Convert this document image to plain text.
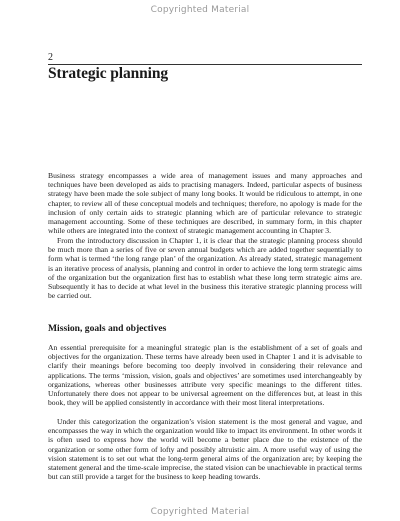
Copyrighted Material
2
Strategic planning

Business strategy encompasses a wide area of management issues and many approaches and techniques have been developed as aids to practising managers. Indeed, particular aspects of business strategy have been made the sole subject of many long books. It would be ridiculous to attempt, in one chapter, to review all of these conceptual models and techniques; therefore, no apology is made for the inclusion of only certain aids to strategic planning which are of particular relevance to strategic management accounting. Some of these techniques are described, in summary form, in this chapter while others are integrated into the context of strategic management accounting in Chapter 3.

From the introductory discussion in Chapter 1, it is clear that the strategic planning process should be much more than a series of five or seven annual budgets which are added together sequentially to form what is termed ‘the long range plan’ of the organization. As already stated, strategic management is an iterative process of analysis, planning and control in order to achieve the long term strategic aims of the organization but the organization first has to establish what these long term strategic aims are. Subsequently it has to decide at what level in the business this iterative strategic planning process will be carried out.

Mission, goals and objectives

An essential prerequisite for a meaningful strategic plan is the establishment of a set of goals and objectives for the organization. These terms have already been used in Chapter 1 and it is advisable to clarify their meanings before becoming too deeply involved in considering their relevance and applications. The terms ‘mission, vision, goals and objectives’ are sometimes used interchangeably by organizations, whereas other businesses attribute very specific meanings to the different titles. Unfortunately there does not appear to be universal agreement on the differences but, at least in this book, they will be applied consistently in accordance with their most literal interpretations.

Under this categorization the organization’s vision statement is the most general and vague, and encompasses the way in which the organization would like to impact its environment. In other words it is often used to express how the world will become a better place due to the existence of the organization or some other form of lofty and possibly altruistic aim. A more useful way of using the vision statement is to set out what the long-term general aims of the organization are; by keeping the statement general and the time-scale imprecise, the stated vision can be unachievable in practical terms but can still provide a target for the business to keep heading towards.

Copyrighted Material
